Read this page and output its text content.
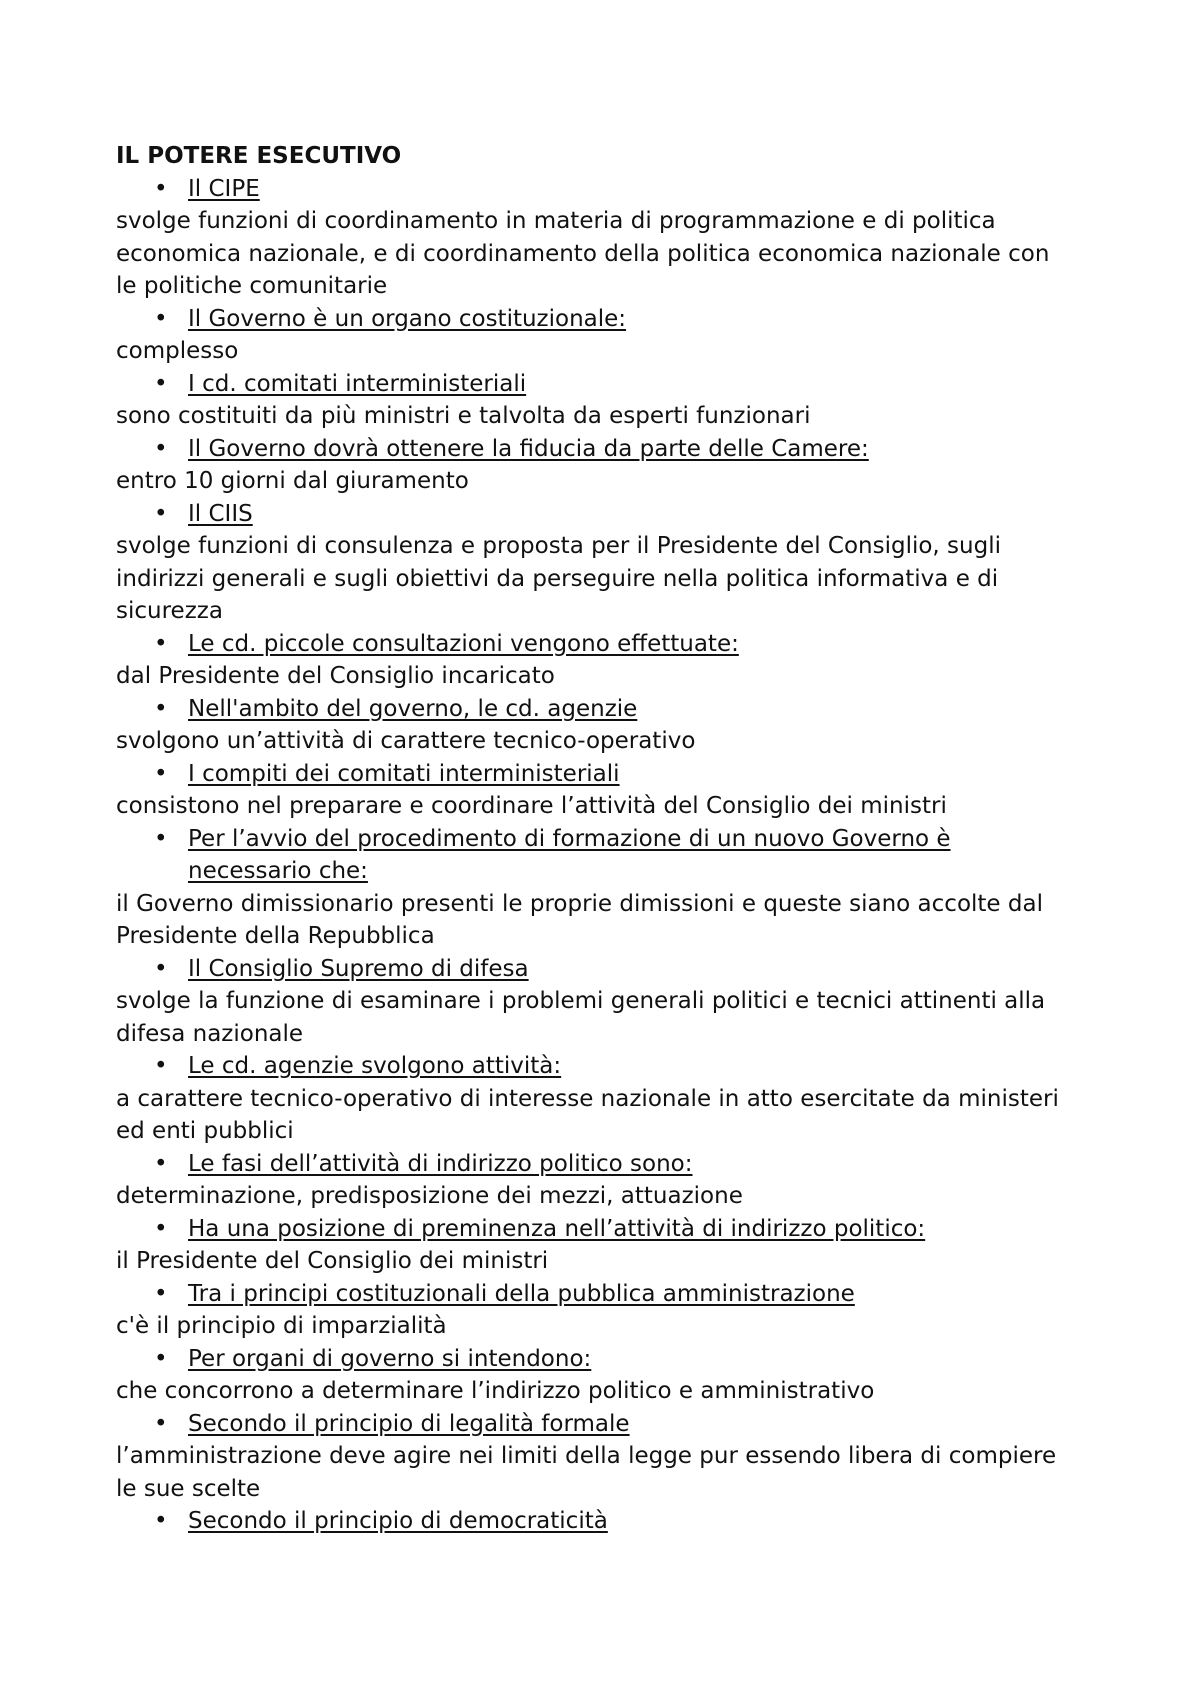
IL POTERE ESECUTIVO

• Il CIPE

svolge funzioni di coordinamento in materia di programmazione e di politica economica nazionale, e di coordinamento della politica economica nazionale con le politiche comunitarie

• Il Governo è un organo costituzionale:

complesso

• I cd. comitati interministeriali

sono costituiti da più ministri e talvolta da esperti funzionari

• Il Governo dovrà ottenere la fiducia da parte delle Camere:

entro 10 giorni dal giuramento

• Il CIIS

svolge funzioni di consulenza e proposta per il Presidente del Consiglio, sugli indirizzi generali e sugli obiettivi da perseguire nella politica informativa e di sicurezza

• Le cd. piccole consultazioni vengono effettuate:

dal Presidente del Consiglio incaricato

• Nell'ambito del governo, le cd. agenzie

svolgono un’attività di carattere tecnico-operativo

• I compiti dei comitati interministeriali

consistono nel preparare e coordinare l’attività del Consiglio dei ministri

• Per l’avvio del procedimento di formazione di un nuovo Governo è necessario che:

il Governo dimissionario presenti le proprie dimissioni e queste siano accolte dal Presidente della Repubblica

• Il Consiglio Supremo di difesa

svolge la funzione di esaminare i problemi generali politici e tecnici attinenti alla difesa nazionale

• Le cd. agenzie svolgono attività:

a carattere tecnico-operativo di interesse nazionale in atto esercitate da ministeri ed enti pubblici

• Le fasi dell’attività di indirizzo politico sono:

determinazione, predisposizione dei mezzi, attuazione

• Ha una posizione di preminenza nell’attività di indirizzo politico:

il Presidente del Consiglio dei ministri

• Tra i principi costituzionali della pubblica amministrazione

c'è il principio di imparzialità

• Per organi di governo si intendono:

che concorrono a determinare l’indirizzo politico e amministrativo

• Secondo il principio di legalità formale

l’amministrazione deve agire nei limiti della legge pur essendo libera di compiere le sue scelte

• Secondo il principio di democraticità
